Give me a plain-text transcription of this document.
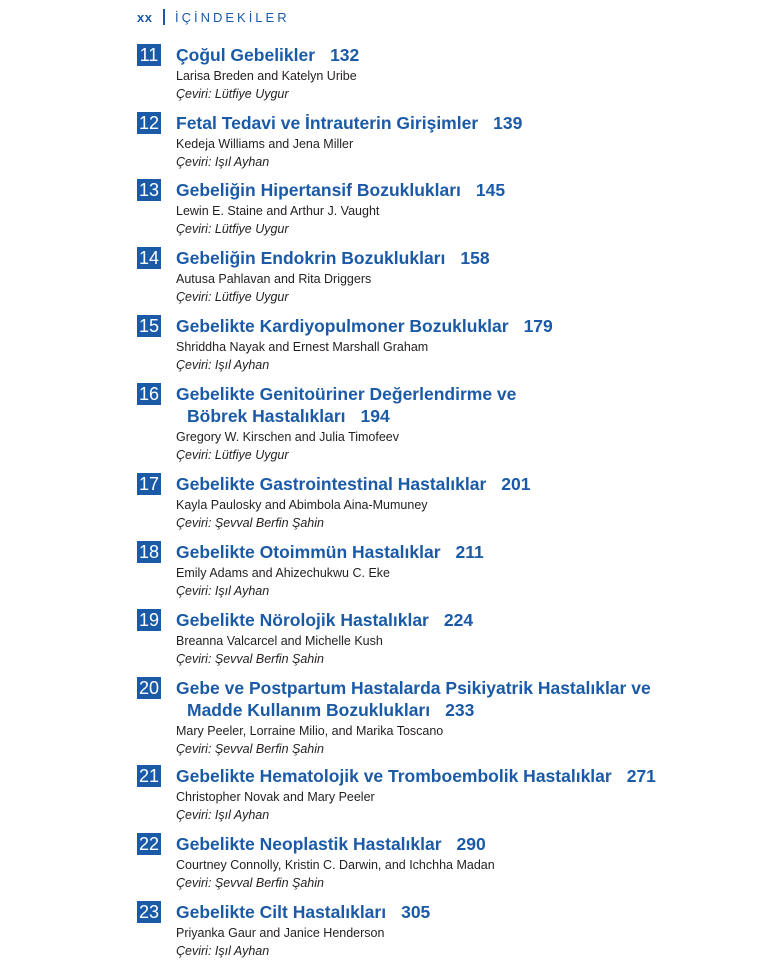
xx İÇİNDEKİLER
11 Çoğul Gebelikler 132
Larisa Breden and Katelyn Uribe
Çeviri: Lütfiye Uygur
12 Fetal Tedavi ve İntrauterin Girişimler 139
Kedeja Williams and Jena Miller
Çeviri: Işıl Ayhan
13 Gebeliğin Hipertansif Bozuklukları 145
Lewin E. Staine and Arthur J. Vaught
Çeviri: Lütfiye Uygur
14 Gebeliğin Endokrin Bozuklukları 158
Autusa Pahlavan and Rita Driggers
Çeviri: Lütfiye Uygur
15 Gebelikte Kardiyopulmoner Bozukluklar 179
Shriddha Nayak and Ernest Marshall Graham
Çeviri: Işıl Ayhan
16 Gebelikte Genitoüriner Değerlendirme ve
Böbrek Hastalıkları 194
Gregory W. Kirschen and Julia Timofeev
Çeviri: Lütfiye Uygur
17 Gebelikte Gastrointestinal Hastalıklar 201
Kayla Paulosky and Abimbola Aina-Mumuney
Çeviri: Şevval Berfin Şahin
18 Gebelikte Otoimmün Hastalıklar 211
Emily Adams and Ahizechukwu C. Eke
Çeviri: Işıl Ayhan
19 Gebelikte Nörolojik Hastalıklar 224
Breanna Valcarcel and Michelle Kush
Çeviri: Şevval Berfin Şahin
20 Gebe ve Postpartum Hastalarda Psikiyatrik Hastalıklar ve
Madde Kullanım Bozuklukları 233
Mary Peeler, Lorraine Milio, and Marika Toscano
Çeviri: Şevval Berfin Şahin
21 Gebelikte Hematolojik ve Tromboembolik Hastalıklar 271
Christopher Novak and Mary Peeler
Çeviri: Işıl Ayhan
22 Gebelikte Neoplastik Hastalıklar 290
Courtney Connolly, Kristin C. Darwin, and Ichchha Madan
Çeviri: Şevval Berfin Şahin
23 Gebelikte Cilt Hastalıkları 305
Priyanka Gaur and Janice Henderson
Çeviri: Işıl Ayhan
